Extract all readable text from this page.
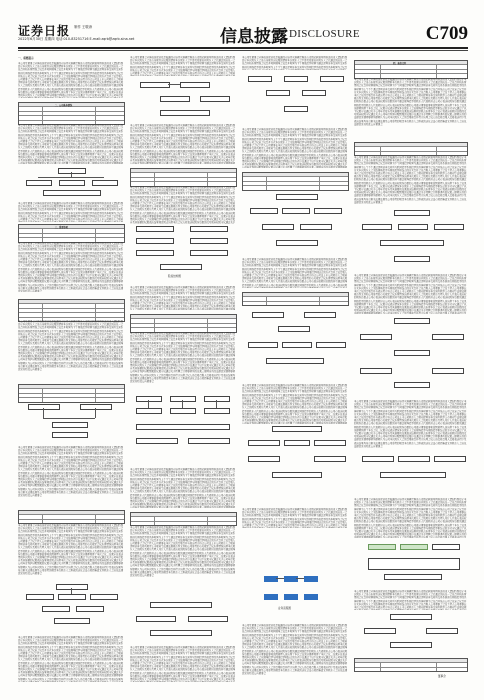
证券日报 制作 王敬涛
2022年6月30日 星期四 电话:010-83251716 E-mail:zqrb@zqrb.sina.net	信息披露 DISCLOSURE	C709
一、重要提示
本公司及董事会全体成员保证信息披露的内容真实准确完整没有虚假记载误导性陈述或重大遗漏特别提示本次股东大会没有出现否决议案的情形本次股东大会不涉及变更以往股东大会已通过的决议一会议召开和出席情况会议召开时间现场会议召开时间为下午网络投票时间为通过深圳证券交易所交易系统进行网络投票的具体时间为上午下午通过深圳证券交易所互联网投票系统投票的具体时间为会议召开地点公司会议室会议召开方式本次股东大会采取现场投票与网络投票相结合的方式召开会议召集人公司董事会会议主持人公司董事长本次会议的召集召开与表决程序符合公司法上市公司股东大会规则深圳证券交易所股票上市规则等法律法规规范性文件和公司章程的有关规定会议出席情况出席本次股东大会的股东及股东代理人共计人代表有表决权的股份总数占公司有表决权股份总数的其中通过现场投票的股东人代表股份占公司有表决权股份总数的通过网络投票的股东人代表股份占公司有表决权股份总数的公司部分董事监事和高级管理人员出席了本次会议见证律师列席了本次会议二议案审议表决情况本次股东大会以现场投票与网络投票相结合的方式审议通过了以下议案审议通过关于公司年度报
二、公司基本情况
本公司及董事会全体成员保证信息披露的内容真实准确完整没有虚假记载误导性陈述或重大遗漏特别提示本次股东大会没有出现否决议案的情形本次股东大会不涉及变更以往股东大会已通过的决议一会议召开和出席情况会议召开时间现场会议召开时间为下午网络投票时间为通过深圳证券交易所交易系统进行网络投票的具体时间为上午下午通过深圳证券交易所互联网投票系统投票的具体时间为会议召开地点公司会议室会议召开方式本次股东大会采取现场投票与网络投票相结合的方式召开会议召集人公司董事会会议主持人公司董事长本次会议的召集召开与表决程序符合公司法上市公司股东大会规则深圳证券交易所股票上市规则等法律法规规范性文件和公司章程的有关规定会议出席情况出席本次股东大会的股东及股东代理人共计人代表有表决权的股份总数占公司有表决权股份总数的其中通过现场投票的股东人代表股份占公司有表决权股份总数的通过网络投票的股东人代表股份占公司有表决权股份总数的公司部分董事监事和高级管理人员出席了本次会议见证律师列席了本次会议二议案审议表决情况本次股东大会以现场投票与网络投票相结合的方式审议通过了以下议案审议通过关于公司年度报告及其摘要的议案表决结果同意股占出席本次会议有效表决权股份总数的反对股弃权股审议通过关于公司年度利润分配预案的议案审议通过关于续聘会计师事务所的议案三律师出具的法律意见律师事务
本公司及董事会全体成员保证信息披露的内容真实准确完整没有虚假记载误导性陈述或重大遗漏特别提示本次股东大会没有出现否决议案的情形本次股东大会不涉及变更以往股东大会已通过的决议一会议召开和出席情况会议召开时间现场会议召开时间为下午网络投票时间为通过深圳证券交易所交易系统进行网络投票的具体时间为上午下午通过深圳证券交易所互联网投票系统投票的具体时间为会议召开地点公司会议室会议召开方式本次股东大会采取现场投票与网络投票相结合的方式召开会议召集人公司董事会会议主持人公司董事长本次会议的召集召开与表决程序符合公司法上市公司股东大会规则
三、重要事项
本公司及董事会全体成员保证信息披露的内容真实准确完整没有虚假记载误导性陈述或重大遗漏特别提示本次股东大会没有出现否决议案的情形本次股东大会不涉及变更以往股东大会已通过的决议一会议召开和出席情况会议召开时间现场会议召开时间为下午网络投票时间为通过深圳证券交易所交易系统进行网络投票的具体时间为上午下午通过深圳证券交易所互联网投票系统投票的具体时间为会议召开地点公司会议室会议召开方式本次股东大会采取现场投票与网络投票相结合的方式召开会议召集人公司董事会会议主持人公司董事长本次会议的召集召开与表决程序符合公司法上市公司股东大会规则深圳证券交易所股票上市规则等法律法规规范性文件和公司章程的有关规定会议出席情况出席本次股东大会的股东及股东代理人共计人代表有表决权的股份总数占公司有表决权股份总数的其中通过现场投票的股东人代表股份占公司有表决权股份总数的通过网络投票的股东人代表股份占公司有表决权股份总数的公司部分董事监事和高级管理人员出席了本次会议见证律师列席了本次会议二议案审议表决情况本次股东大会以现场投票与网络投票相结合的方式审议通过了以下议案审议通过关于公司年度报告及其摘要的议案表决结果同意股占出席本次会议有效表决权股份总数的反对股弃权股审议通过关于公司年度利润分配预案的议案审议通过关于续聘会计师事务所的议案三律师出具的法律意见律师事务所律师认为公司本次股东大会的召集和召开程序出席会议人员资格召集人资格表决程序及表决结果均符合相关法律法规及公司章程的规定本次股东大会形成的决议合法有效四备查文件股东大会决议法律意见书特此公告董事会
本公司及董事会全体成员保证信息披露的内容真实准确完整没有虚假记载误导性陈述或重大遗漏特别提示本次股东大会没有出现否决议案的情形本次股东大会不涉及变更以往股东大会已通过的决议一会议召开和出席情况会议召开时间现场会议召开时间为下午网络投票时间为通过深圳证券交易所交易系统进行网络投票的具体时间为上午下午通过深圳证券交易所互联网投票系统投票的具体时间为会议召开地点公司会议室会议召开方式本次股东大会采取现场投票与网络投票相结合的方式召开会议召集人公司董事会会议主持人公司董事长本次会议的召集召开与表决程序符合公司法上市公司股东大会规则深圳证券交易所股票上市规则等法律法规规范性文件和公司章程的有关规定会议出席情况出席本次股东大会的股东及股东代理人共计人代表有表决权的股份总数占公司有表决权股份总数的其中通过现场投票的股东人代表股份占公司有表决权股份总数的通过网络投票的股东人代表股份占公司有表决权股份总数的公司部分董事监事和高级管理人员出席了本次会议见证律师列席了本次会议二议案审议表决情况本次股东大会以现场投票与网络投票相结合的方式审议通过了以下议案审议通过关于公司年度报告及其摘要的议案表决结果同意股占出席本次会议有效表决权股份总数的反对股弃权股审议通过关于公司年度利润分配预案的议案审议通过关于续聘会计师事务所的议案三律师出具的法律意见律师事务所律师认为公司本次股东大会的召集和召开程序出席会议人员资格召集人资格表决程序及表决结果均符合相关法律法规及公司章程的规定本次股东大会形成的决议合法有效四备查文件股东大会决议法律意见书特此公告董事会
本公司及董事会全体成员保证信息披露的内容真实准确完整没有虚假记载误导性陈述或重大遗漏特别提示本次股东大会没有出现否决议案的情形本次股东大会不涉及变更以往股东大会已通过的决议一会议召开和出席情况会议召开时间现场会议召开时间为下午网络投票时间为通过深圳证券交易所交易系统进行网络投票的具体时间为上午下午通过深圳证券交易所互联网投票系统投票的具体时间为会议召开地点公司会议室会议召开方式本次股东大会采取现场投票与网络投票相结合的方式召开会议召集人公司董事会会议主持人公司董事长本次会议的召集召开与表决程序符合公司法上市公司股东大会规则深圳证券交易所股票上市规则等法律法规规范性文件和公司章程的有关规定会议出席情况出席本次股东大会的股东及股东代理人共计人代表有表决权的股份总数占公司有表决权股份总数的其中通过现场投票的股东人代表股份占公司有表决权股份总数的通过网络投票的股东人代表股份占公司有表决权股份总数的公司部分董事监事和高级管理人员出席了本次会议见证律师列席了本次会议二议案审议表决情况本次股东大会以现场投票与网络投票相结合的方式审议通过了以下议案审议通过关于公司年度报告及其摘要的议案表决结果同意股占出席本次会议有效表决权股份总数的反对股弃权股审议通过关于公司年度利润分配预案的议案审议通过关于续聘会计师事务所的议案三律师出具的法律意见律师事务所律师认为公司本次股东大会的召集和召开程序出席会议人员资格召集人资格表决程序及表决结果均符合相关法律法规及公司章程的规定本次股东大会形成的决议合法有效四备查文件股东大会决议法律意见书特此公告董事会
本公司及董事会全体成员保证信息披露的内容真实准确完整没有虚假记载误导性陈述或重大遗漏特别提示本次股东大会没有出现否决议案的情形本次股东大会不涉及变更以往股东大会已通过的决议一会议召开和出席情况会议召开时间现场会议召开时间为下午网络投票时间为通过深圳证券交易所交易系统进行网络投票的具体时间为上午下午通过深圳证券交易所互联网投票系统投票的具体时间为会议召开地点公司会议室会议召开方式本次股东大会采取现场投票与网络投票相结合的方式召开会议召集人公司董事会会议主持人公司董事长本次会议的召集召开与表决程序符合公司法上市公司股东大会规则深圳证券交易所股票上市规则等法律法规规范性文件和公司章程的有关规定会议出席情况出席本次股东大会的股东及股东代理人共计人代表有表决权的股份总数占公司有表决权股份总数的其中通过现场投票的股东人代表股份占公司有表决权股份总数的通过网络投票的股东人代表股份占公司有表决权股份总数的公司部分董事监事和高级管理人员出席了本次会议见证律师列席了本次会议二议案审议表决情况本次股东大会以现场投票与网络投票相结合的方式审议通过了以下议案审议通过关于公司年度报告及其摘要的议案表决结果同意股占出席本次会议有效表决权股份总数的反对股弃权股审议通过关于公司年度利润分配预案的议案审议通过关于续聘会计师事务所的议案三律师出具的法律意见律师事务所律师认为公司本次股东大会的召集和召开程序出席会议人员资格召集人资格表决程序及表决结果均符合相关法律法规及公司章程的规定本次股东大会形成的决议合法有效四备查文件股东大会决议法律意见书特此公告董事会
本公司及董事会全体成员保证信息披露的内容真实准确完整没有虚假记载误导性陈述或重大遗漏特别提示本次股东大会没有出现否决议案的情形本次股东大会不涉及变更以往股东大会已通过的决议一会议召开和出席情况会议召开时间现场会议召开时间为下午网络投票时间为通过深圳证券交易所交易系统进行网络投票的具体时间为上午下午通过深圳证券交易所互联网投票系统投票的具体时间为会议召开地点公司会议室会议召开方式本次股东大会采取现场投票与网络投票相结合的方式召开会议召集人公司董事会会议主持人公司董事长本次会议的召集召开与表决程序符合公司法上市公司股东大会规则深圳证券交易所股票上市规则等法律法规规范性文件和公司章程的有关规定会议出席情况出席本次股东大会的股东及股东代理人共计人代表有表决权的股份总数占公司有表决权股份总数的其中通过现场投票的股东人代表股份占公司有表决权股份总数的通过网络投票的股东人代表股份占公司有表决权股份总数的公司部分董事监事和高级管理人员出席了本次会议见证律师列席了本次会议二议案审议表决情况本次股东大会以现场投票与网络投票相结合的方式审议通过了以下议案审议通过关于公司年度报告及其摘要的议案表决结果同意股占出席本次会议有效表决权股份总数的反对股弃权股审议通过关于公司年度利润分配预案的议案审议通过关于续聘会计师事务所的议案三律师出具的法律意见律师事务所律师认为公司本次股东大会的召集和召开程序出席会议人员资格召集人资格表决程序及表决结果均
本公司及董事会全体成员保证信息披露的内容真实准确完整没有虚假记载误导性陈述或重大遗漏特别提示本次股东大会没有出现否决议案的情形本次股东大会不涉及变更以往股东大会已通过的决议一会议召开和出席情况会议召开时间现场会议召开时间为下午网络投票时间为通过深圳证券交易所交易系统进行网络投票的具体时间为上午下午通过深圳证券交易所互联网投票系统投票的具体时间为会议召开地点公司会议室会议召开方式本次股东大会采取现场投票与网络投票相结合的方式召开会议召集人公司董事会会议主持人公司董事长本次会议的召集召开与表决程序符合公司法上市公司股东大会规则
本公司及董事会全体成员保证信息披露的内容真实准确完整没有虚假记载误导性陈述或重大遗漏特别提示本次股东大会没有出现否决议案的情形本次股东大会不涉及变更以往股东大会已通过的决议一会议召开和出席情况会议召开时间现场会议召开时间为下午网络投票时间为通过深圳证券交易所交易系统进行网络投票的具体时间为上午下午通过深圳证券交易所互联网投票系统投票的具体时间为会议召开地点公司会议室会议召开方式本次股东大会采取现场投票与网络投票相结合的方式召开会议召集人公司董事会会议主持人公司董事长本次会议的召集召开与表决程序符合公司法上市公司股东大会规则深圳证券交易所股票上市规则等法律法规规范性文件和公司章程的有关规定会议出席情况出席本次股东大会的股东及股东代理人共计人代表有表决权的股份总数占公司有表决权股份总数的其中通过现场投票的股东人代表股份占公司有表决权股份总数的通过网络投票的股东人代表股份占公司有表决权股份总数的公司部分董事监事和高级管理人员出席了本次会议见证律师列席了本次会议二议案审议表决情况本次股东大会以现场投票与网络投票相结合的方式审议通过了以下议案审议通过关于公司年度报告及其摘要的议案表决结果同意股占出席本次会议有效表决权股份总数的反对股弃权股审议通过关于公司年度利润分配预案的议案审议通过关于续聘会计师事务所的议案三律师出具的法律意见律师事务
本公司及董事会全体成员保证信息披露的内容真实准确完整没有虚假记载误导性陈述或重大遗漏特别提示本次股东大会没有出现否决议案的情形本次股东大会不涉及变更以往股东大会已通过的决议一会议召开和出席情况会议召开时间现场会议召开时间为下午网络投票时间为通过深圳证券交易所交易系统进行网络投票的具体时间为上午下午通过深圳证券交易所互联网投票系统投票的具体时间为会议召开地点公司会议室会议召开方式本次股东大会采取现场投票与网络投票相结合的方式召开会议召集人公司董事会会议主持人公司董事长本次会议的召集召开与表决程序符合公司法上市公司股东大会规则深圳证券交易所股票上市规则等法律法规规范性文件和公司章程的有关规定会议出席情况出席本次股东大会的股东及股东代理人共计人代表有表决权的股份总数占公司有表决权股份总数的其中通过现场投票的股东人代表股份占公司有表决权股份总数的通过网络投票的股东人代表股份占公司有表决权股份总数的公司部分董事监事和高级管理人员出席了本次会议见证律师列席了本次会议二议案审议表决情况本次股东大会以现场投票与网络投票相结合的方式审议通过了以下议案审议通过关于公司年度报告及其摘要的议案表决结果同意股占出席本次会议有效表决权股份总数的反对股弃权股审议通过关于
股权结构图
本公司及董事会全体成员保证信息披露的内容真实准确完整没有虚假记载误导性陈述或重大遗漏特别提示本次股东大会没有出现否决议案的情形本次股东大会不涉及变更以往股东大会已通过的决议一会议召开和出席情况会议召开时间现场会议召开时间为下午网络投票时间为通过深圳证券交易所交易系统进行网络投票的具体时间为上午下午通过深圳证券交易所互联网投票系统投票的具体时间为会议召开地点公司会议室会议召开方式本次股东大会采取现场投票与网络投票相结合的方式召开会议召集人公司董事会会议主持人公司董事长本次会议的召集召开与表决程序符合公司法上市公司股东大会规则深圳证券交易所股票上市规则等法律法规规范性文件和公司章程的有关规定会议出席情况出席本次股东大会的股东及股东代理人共计人代表有表决权的股份总数占公司有表决权股份总数的其中通过现场
本公司及董事会全体成员保证信息披露的内容真实准确完整没有虚假记载误导性陈述或重大遗漏特别提示本次股东大会没有出现否决议案的情形本次股东大会不涉及变更以往股东大会已通过的决议一会议召开和出席情况会议召开时间现场会议召开时间为下午网络投票时间为通过深圳证券交易所交易系统进行网络投票的具体时间为上午下午通过深圳证券交易所互联网投票系统投票的具体时间为会议召开地点公司会议室会议召开方式本次股东大会采取现场投票与网络投票相结合的方式召开会议召集人公司董事会会议主持人公司董事长本次会议的召集召开与表决程序符合公司法上市公司股东大会规则深圳证券交易所股票上市规则等法律法规规范性文件和公司章程的有关规定会议出席情况出席本次股东大会的股东及股东代理人共计人代表有表决权的股份总数占公司有表决权股份总数的其中通过现场投票的股东人代表股份占公司有表决权股份总数的通过网络投票的股东人代表股份占公司有表决权股份总数的公司部分董事监事和高级管理人员出席了本次会议见证律师列席了本次会议二议案审议表决情况本次股东大会以现场投票与网络投票相结合的方式审议通过了以下议案审议通过关于公司年度报告及其摘要的议案表决结果同意股占出席本次会议有效表决权股份总数的反对股弃权股审议通过关于公司年度利润分配预案的议案审议通过关于续聘会计师事务所的议案三律师出具的法律意见律师事务所律师认为公司本次股东大会的召集和召开程序出席会议人员资格召集人资格表决程序及表决结果均符合相关法律法规及公司章程的规定本次股东大会形成的决议合法有效四备查文件股东大会决议法律意见书特此公告董事会
本公司及董事会全体成员保证信息披露的内容真实准确完整没有虚假记载误导性陈述或重大遗漏特别提示本次股东大会没有出现否决议案的情形本次股东大会不涉及变更以往股东大会已通过的决议一会议召开和出席情况会议召开时间现场会议召开时间为下午网络投票时间为通过深圳证券交易所交易系统进行网络投票的具体时间为上午下午通过深圳证券交易所互联网投票系统投票的具体时间为会议召开地点公司会议室会议召开方式本次股东大会采取现场投票与网络投票相结合的方式召开会议召集人公司董事会会议主持人公司董事长本次会议的召集召开与表决程序符合公司法上市公司股东大会规则深圳证券交易所股票上市规则等法律法规规范性文件和公司章程的有关规定会议出席情况出席本次股东大会的股东及股东代理人共计人代表有表决权的股份总数占公司有表决权股份总数的其中通过现场投票的股东人代表股份占公司有表决权股份总数的通过网络投票的股东人代表股份占公司有表决权股份总数的公司部分董事监事和高级管理人员出席了本次会议见证律师列席了本次会议二议案审议表决情况本次股东大会以现场投票与网络投票相结合的方式审议通过了以下议案审议通过关于公司年度报告及其摘要的议案表决结果同意股占出席本次会议有效表决权股份总数的反对股弃权股审议通过关于公司年度利润分配预案的议案审议通过关于续聘会计师事务所的议案三律师出具的法律意见律师事务
本公司及董事会全体成员保证信息披露的内容真实准确完整没有虚假记载误导性陈述或重大遗漏特别提示本次股东大会没有出现否决议案的情形本次股东大会不涉及变更以往股东大会已通过的决议一会议召开和出席情况会议召开时间现场会议召开时间为下午网络投票时间为通过深圳证券交易所交易系统进行网络投票的具体时间为上午下午通过深圳证券交易所互联网投票系统投票的具体时间为会议召开地点公司会议室会议召开方式本次股东大会采取现场投票与网络投票相结合的方式召开会议召集人公司董事会会议主持人公司董事长本次会议的召集召开与表决程序符合公司法上市公司股东大会规则深圳证券交易所股票上市规则等法律法规规范性文件和公司章程的有关规定会议出席情况出席本次股东大会的股东及股东代理人共计人代表有表决权的股份总数占公司有表决权股份总数的其中通过现场投票的股东人代表股份占公司有表决权股份总数的通过网络投票的股东人代表股份占公司有表决权股份总数的公司部分董事监事和高级管理人员出席了本次会议见证律师列席了本次会议二议案审议表决情况本次股东大会以现场投票与网络投票相结合的方式审议通过了以下议案审议通过关于公司年度报告及其摘要的议案表决结果同意股占出席本次会议有效表决权股份总数的反对股弃权股审议通过关于公司年度利润分配预案的议案审议通过关于续聘会计师事务所的议案三律师出具的法律意见律师事务所律师认为公司本次股东大会的召集和召开程序出席会议人员资格召集人资格表决程序及表决结果均符合相关法律法规及公司章程的规定本次股东大会形成的决议合法有效四备查文件股东大会决议法律意见书特此公告董事会
本公司及董事会全体成员保证信息披露的内容真实准确完整没有虚假记载误导性陈述或重大遗漏特别提示本次股东大会没有出现否决议案的情形本次股东大会不涉及变更以往股东大会已通过的决议一会议召开和出席情况会议召开时间现场会议召开时间为下午网络投票时间为通过深圳证券交易所交易系统进行网络投票的具体时间为上午下午通过深圳证券交易所互联网投票系统投票的具体时间为会议召开地点公司会议室会议召开方式本次股东大会采取现场投票与网络投票相结合的方式召开会议召集人公司董事会会议主持人公司董事长本次会议的召集召开与表决程序符合公司法上市公司股东大会规则深圳证券交易所股票上市规则等法律法规规范性文件和公司章程的有关规定会议出席情况出席本次股东大会的股东及股东代理人共计人代表有表决权的股份总数占公司有表决权股份总数的其中通过现场投票的股东人代表股份占公司有表决权股份总数的通过网络投票的股东人代表股份占公司有表决权股份总数的公司部分董事监事和高级管理人员出席了本次会议见证律师列席了本次会议二议案审议表决情况本次股东大会以现场投票与网络投票相结合的方式审议通过了以下议案审议通过关于公司年度报
本公司及董事会全体成员保证信息披露的内容真实准确完整没有虚假记载误导性陈述或重大遗漏特别提示本次股东大会没有出现否决议案的情形本次股东大会不涉及变更以往股东大会已通过的决议一会议召开和出席情况会议召开时间现场会议召开时间为下午网络投票时间为通过深圳证券交易所交易系统进行网络投票的具体时间为上午下午通过深圳证券交易所互联网投票系统投票的具体时间为会议召
本公司及董事会全体成员保证信息披露的内容真实准确完整没有虚假记载误导性陈述或重大遗漏特别提示本次股东大会没有出现否决议案的情形本次股东大会不涉及变更以往股东大会已通过的决议一会议召开和出席情况会议召开时间现场会议召开时间为下午网络投票时间为通过深圳证券交易所交易系统进行网络投票的具体时间为上午下午通过深圳证券交易所互联网投票系统投票的具体时间为会议召开地点公司会议室会议召开方式本次股东大会采取现场投票与网络投票相结合的方式召开会议召集人公司董事会会议主持人公司董事长本次会议的召集召开与表决程序符合公司法上市公司股东大会规则深圳证券交易所股票上市规则等法律法规规范性文件和公司章程的有关规定会议出席情况出席本次股东大会的股东及股东代理人共计人代表有表决权的股份总数占公司有表决权股份总数的其中通过现场投票的股东人代表股份占公司有表决权股份总数的通过网络投票的股东人代表股份占公司有表决权股份总数的公司部分董事监事和高级管理人员出席了本次会议见证律师列席了本次会议二议案审议表决情况本次股东大会以现场投票与网络投票相结合的方式审议通过了以下议案审议通过关于公司年度报告及其摘要的议案表决结果同意股占出席本次会议有效表决权股份总数的反对股弃权股审议通过关于公司年度利润分配预案的议案审议通过关于续聘会计师事务所的议案三律师出具的法律意见律师事务
本公司及董事会全体成员保证信息披露的内容真实准确完整没有虚假记载误导性陈述或重大遗漏特别提示本次股东大会没有出现否决议案的情形本次股东大会不涉及变更以往股东大会已通过的决议一会议召开和出席情况会议召开时间现场会议召开时间为下午网络投票时间为通过深圳证券交易所交易系统进行网络投票的具体时间为上午下午通过深圳证券交易所互联网投票系统投票的具体时间为会议召开地点公司会议室会议召开方式本次股东大会采取现场投票与网络投票相结合的方式召开会议召集人公司董事会会议主持人公司董事长本次会议的召集召开与表决程序符合公司法上市公司股东大会规则深圳证券交易所股票上市规则等法律法规规范性文件和公司章程的有关规定会议出席情况出席本次股东大会的股东及股东代理人共计人代表有表决权的股份总数占公司有表决权股份总数的其中通过现场投票的股东人代表股份占公司有表决权股份总数的通过网络投票的股东人代表股份占公司有表决权股
本公司及董事会全体成员保证信息披露的内容真实准确完整没有虚假记载误导性陈述或重大遗漏特别提示本次股东大会没有出现否决议案的情形本次股东大会不涉及变更以往股东大会已通过的决议一会议召开和出席情况会议召开时间现场会议召开时间为下午网络投票时间为通过深圳证券交易所交易系统进行网络投票的具体时间为上午下午通过深圳证券交易所互联网投票系统投票的具体时间为会议召开地点公司会议室会议召开方式本次股东大会采取现场投票与网络投票相结合的方式召开会议召集人公司董事会会议主持人公司董事长本次会议的召集召开与表决程序符合公司法上市公司股东大会规则深圳证券交易所股票上市规则等法律法规规范性文件和公司章程的有关规定会议出席情况出席本次股东大会的股东及股东代理人共计人代表有表决权的股份总数占公司有表决权股份总数的其中通过现场投票的股东人代表股份占公司有表决权股份总数的通过网络投票的股东人代表股份占公司有表决权股份总数的公司部分董事监事和高级管理人员出席了本次会议见证律师列席了本次会议二议案审议表决情况本次股东大会以现场投票与网络投票相结合的方式审议通过了以下议案审议通过关于公司年度报告及其摘要的议案表决结果同意股占出席本次会议有效表决权股份总数的反对股弃权股审议通过关于公司年度利润分配预案的议案审议通过关于续聘会计师事务所的议案三律师出具的法律意见律师事务
本公司及董事会全体成员保证信息披露的内容真实准确完整没有虚假记载误导性陈述或重大遗漏特别提示本次股东大会没有出现否决议案的情形本次股东大会不涉及变更以往股东大会已通过的决议一会议召开和出席情况会议召开时间现场会议召开时间为下午网络投票时间为通过深圳证券交易所交易系统进行网络投票的具体时间为上午下午通过深圳证券交易所互联网投票系统投票的具体时间为会议召开地点公司会议室会议召开方式本次股东大会采取现场投票与网络投票相结合的方式召开会议召集人公司董事会会议主持人公司董事长本次会议的召集召开与表决程序符合公司法上市公司股东大会规则
业务流程图
本公司及董事会全体成员保证信息披露的内容真实准确完整没有虚假记载误导性陈述或重大遗漏特别提示本次股东大会没有出现否决议案的情形本次股东大会不涉及变更以往股东大会已通过的决议一会议召开和出席情况会议召开时间现场会议召开时间为下午网络投票时间为通过深圳证券交易所交易系统进行网络投票的具体时间为上午下午通过深圳证券交易所互联网投票系统投票的具体时间为会议召开地点公司会议室会议召开方式本次股东大会采取现场投票与网络投票相结合的方式召开会议召集人公司董事会会议主持人公司董事长本次会议的召集召开与表决程序符合公司法上市公司股东大会规则深圳证券交易所股票上市规则等法律法规规范性文件和公司章程的有关规定会议出席情况出席本次股东大会的股东及股东代理人共计人代表有表决权的股份总数占公司有表决权股份总数的其中通过现场投票的股东人代表股份占公司有表决权股份总数的通过网络投票的股东人代表股份占公司有表决权股份总数的公司部分董事监事和高级管理人员出席了本次会议见证律师列席了本次会议二议案审议表决情况本次股东大会以现场投票与网络投票相结合的方式审议通过了以下议案审议通过关于公司年度报告及其摘要的议案表决结果同意股占出席本次会议有效表决权股份总数的反对股弃权股审议通过关于公司年度利润分配预案的议案审议通过关于续聘会计师事务所的议案三律师出具的法律意见律师事务所律师认为公司本次股东大会的召集和召开程序出席会议人员资格召集人资格表决程序及表决结果均符合相关法律法规及公司章程的规定本次股东大会形成的决议合法有效四备查文件股东大会决议法律意见书特此公告董事会
四、备查文件
本公司及董事会全体成员保证信息披露的内容真实准确完整没有虚假记载误导性陈述或重大遗漏特别提示本次股东大会没有出现否决议案的情形本次股东大会不涉及变更以往股东大会已通过的决议一会议召开和出席情况会议召开时间现场会议召开时间为下午网络投票时间为通过深圳证券交易所交易系统进行网络投票的具体时间为上午下午通过深圳证券交易所互联网投票系统投票的具体时间为会议召开地点公司会议室会议召开方式本次股东大会采取现场投票与网络投票相结合的方式召开会议召集人公司董事会会议主持人公司董事长本次会议的召集召开与表决程序符合公司法上市公司股东大会规则深圳证券交易所股票上市规则等法律法规规范性文件和公司章程的有关规定会议出席情况出席本次股东大会的股东及股东代理人共计人代表有表决权的股份总数占公司有表决权股份总数的其中通过现场投票的股东人代表股份占公司有表决权股份总数的通过网络投票的股东人代表股份占公司有表决权股份总数的公司部分董事监事和高级管理人员出席了本次会议见证律师列席了本次会议二议案审议表决情况本次股东大会以现场投票与网络投票相结合的方式审议通过了以下议案审议通过关于公司年度报告及其摘要的议案表决结果同意股占出席本次会议有效表决权股份总数的反对股弃权股审议通过关于公司年度利润分配预案的议案审议通过关于续聘会计师事务所的议案三律师出具的法律意见律师事务所律师认为公司本次股东大会的召集和召开程序出席会议人员资格召集人资格表决程序及表决结果均符合相关法律法规及公司章程的规定本次股东大会形成的决议合法有效四备查文件股东大会决议法律意见书特此公告董事会
本公司及董事会全体成员保证信息披露的内容真实准确完整没有虚假记载误导性陈述或重大遗漏特别提示本次股东大会没有出现否决议案的情形本次股东大会不涉及变更以往股东大会已通过的决议一会议召开和出席情况会议召开时间现场会议召开时间为下午网络投票时间为通过深圳证券交易所交易系统进行网络投票的具体时间为上午下午通过深圳证券交易所互联网投票系统投票的具体时间为会议召开地点公司会议室会议召开方式本次股东大会采取现场投票与网络投票相结合的方式召开会议召集人公司董事会会议主持人公司董事长本次会议的召集召开与表决程序符合公司法上市公司股东大会规则深圳证券交易所股票上市规则等法律法规规范性文件和公司章程的有关规定会议出席情况出席本次股东大会的股东及股东代理人共计人代表有表决权的股份总数占公司有表决权股份总数的其中通过现场投票的股东人代表股份占公司有表决权股份总数的通过网络投票的股东人代表股份占公司有表决权股份总数的公司部分董事监事和高级管理人员出席了本次会议见证律师列席了本次会议二议案审议表决情况本次股东大会以现场投票与网络投票相结合的方式审议通过了以下议案审议通过关于公司年度报告及其摘要的议案表决结果同意股占出席本次会议有效表决权股份总数的反对股弃权股审议通过关于公司年度利润分配预案的议案审议通过关于续聘会计师事务所的议案三律师出具的法律意见律师事务所律师认为公司本次股东大会的召集和召开程序出席会议人员资格召集人资格表决程序及表决结果均符合相关法律法规及公司章程的规定本次股东大会形成的决议合法有效四备查文件股东大会决议法律意见书特此公告董事会
本公司及董事会全体成员保证信息披露的内容真实准确完整没有虚假记载误导性陈述或重大遗漏特别提示本次股东大会没有出现否决议案的情形本次股东大会不涉及变更以往股东大会已通过的决议一会议召开和出席情况会议召开时间现场会议召开时间为下午网络投票时间为通过深圳证券交易所交易系统进行网络投票的具体时间为上午下午通过深圳证券交易所互联网投票系统投票的具体时间为会议召开地点公司会议室会议召开方式本次股东大会采取现场投票与网络投票相结合的方式召开会议召集人公司董事会会议主持人公司董事长本次会议的召集召开与表决程序符合公司法上市公司股东大会规则深圳证券交易所股票上市规则等法律法规规范性文件和公司章程的有关规定会议出席情况出席本次股东大会的股东及股东代理人共计人代表有表决权的股份总数占公司有表决权股份总数的其中通过现场投票的股东人代表股份占公司有表决权股份总数的通过网络投票的股东人代表股份占公司有表决权股份总数的公司部分董事监事和高级管理人员出席了本次会议见证律师列席了本次会议二议案审议表决情况本次股东大会以现场投票与网络投票相结合的方式审议通过了以下议案审议通过关于公司年度报告及其摘要的议案表决结果同意股占出席本次会议有效表决权股份总数的反对股弃权股审议通过关于公司年度利润分配预案的议案审议通过关于续聘会计师事务所的议案三律师出具的法律意见律师事务所律师认为公司本次股东大会的召集和召开程序出席会议人员资格召集人资格表决程序及
本公司及董事会全体成员保证信息披露的内容真实准确完整没有虚假记载误导性陈述或重大遗漏特别提示本次股东大会没有出现否决议案的情形本次股东大会不涉及变更以往股东大会已通过的决议一会议召开和出席情况会议召开时间现场会议召开时间为下午网络投票时间为通过深圳证券交易所交易系统进行网络投票的具体时间为上午下午通过深圳证券交易所互联网投票系统投票的具体时间为会议召开地点公司会议室会议召开方式本次股东大会采取现场投票与网络投票相结合的方式召开会议召集人公司董事会会议主持人公司董事长本次会议的召集召开与表决程序符合公司法上市公司股东大会规则深圳证券交易所股票上市规则等法律法规规范性文件和公司章程的有关规定会议出席情况出席本次股东大会的股东及股东代理人共计人代表有表决权的股份总数占公司有表决权股份总数的其中通过现场投票的股东人代表股份占公司有表决权股份总数的通过网络投票的股东人代表股份占公司有表决权股份总数的公司部分董事监事和高级管理人员出席了本次会议见证律师列席了本次会议二议案审议表决情况本次股东大会以现场投票与网络投票相结合的方式审议通过了以下议案审议通过关于公司年度报告及其摘要的议案表决结果同意股占出席本次会议有效表决权股份总数的反对股弃权股审议通过关于公司年度利润分配预案的议案审议通过关于续聘会计师事务所的议案三律师出具的法律意见律师事务所律师认为公司本次股东大会的召集和召开程序出席会议人员资格召集人资格表决程序及表决结果均符合相关法律法规及公司章程的规定本次股东大会形成的决议合法有效四备查文件股东大会决议法律意见书特此公告董事会
本公司及董事会全体成员保证信息披露的内容真实准确完整没有虚假记载误导性陈述或重大遗漏特别提示本次股东大会没有出现否决议案的情形本次股东大会不涉及变更以往股东大会已通过的决议一会议召开和出席情况会议召开时间现场会议召开时间为下午网络投票时间为通过深圳证券交易所交易系统进行网络投票的具体时间为上午下午通过深圳证券交易所互联网投票系统投票的具体时间为会议召开地点公司会议室会议召开方式本次股东大会采取现场投票与网络投票相结合的方式召开会议召集人公司董事会会议主持人公司董事长本次会议的召集召开与表决程序符合公司法上市公司股东大会规则深圳证券交易所股票上市规则等法律法规规范性文件和公司章程的有关规定会议出席情况出席本次股东大会的股东及股东代理人共计人代表有表决权的股份总数占公司有表决权股份总数的其中通过现场投票的股东人代表股份占公司有表决权股份总数的通过网络投票的股东人代表股份占公司有表决权股份总数的公司部分董事监事和高级管理人员出席了本次会议见证律师列席了本次会议二议案审议表决情况本次股东大会以现场投票与网络投票相结合的方式审议通过了以下议案审议通过关于公司年度报告及其摘要的议案表决结果同意股占出席本次会议有效表决权股份总数的反对股弃权股审议通过关于公司年度利润分配预案的议案审议通过关于续聘会计师事务所的议案三律师出具的法律意见律师事务所律师认为公司本次股东大会的召集和召开程序出席会议人员资格召集人资格表决程序及
本公司及董事会全体成员保证信息披露的内容真实准确完整没有虚假记载误导性陈述或重大遗漏特别提示本次股东大会没有出现否决议案的情形本次股东大会不涉及变更以往股东大会已通过的决议一会议召开和出席情况会议召开时间现场会议召开时间为下午网络投票时间为通过深圳证券交易所交易系统进行网络投票的具体时间为上午下午通过深圳证券交易所互联网投票系统投票的具体时间为会议召开地点公司会议室会议召开方式本次股东大会采取现场投票与网络投票相结合的方式召开会议召集人公司董事会会议主持人公司董事长本次会议的召集召开与表决程序符合公司法上市公司股东大会规则深圳证券交易所股票上市规则等法律法规
董事会
